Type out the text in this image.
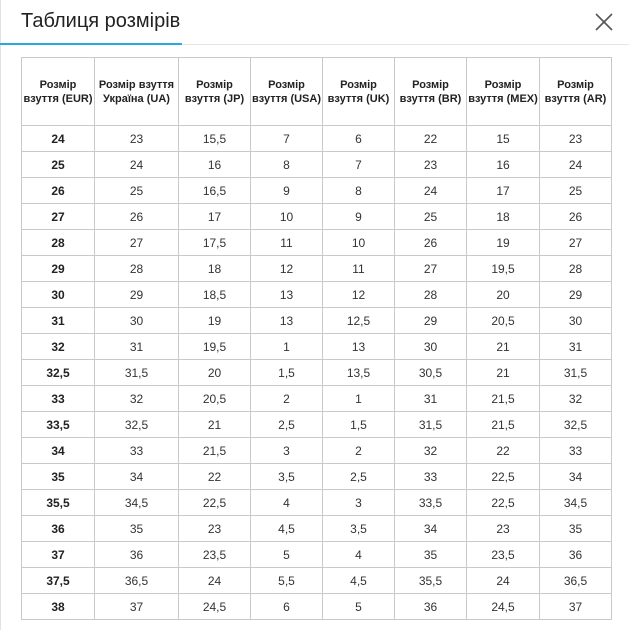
Таблиця розмірів
Розмір взуття (EUR)	Розмір взуття Україна (UA)	Розмір взуття (JP)	Розмір взуття (USA)	Розмір взуття (UK)	Розмір взуття (BR)	Розмір взуття (MEX)	Розмір взуття (AR)
24	23	15,5	7	6	22	15	23
25	24	16	8	7	23	16	24
26	25	16,5	9	8	24	17	25
27	26	17	10	9	25	18	26
28	27	17,5	11	10	26	19	27
29	28	18	12	11	27	19,5	28
30	29	18,5	13	12	28	20	29
31	30	19	13	12,5	29	20,5	30
32	31	19,5	1	13	30	21	31
32,5	31,5	20	1,5	13,5	30,5	21	31,5
33	32	20,5	2	1	31	21,5	32
33,5	32,5	21	2,5	1,5	31,5	21,5	32,5
34	33	21,5	3	2	32	22	33
35	34	22	3,5	2,5	33	22,5	34
35,5	34,5	22,5	4	3	33,5	22,5	34,5
36	35	23	4,5	3,5	34	23	35
37	36	23,5	5	4	35	23,5	36
37,5	36,5	24	5,5	4,5	35,5	24	36,5
38	37	24,5	6	5	36	24,5	37
